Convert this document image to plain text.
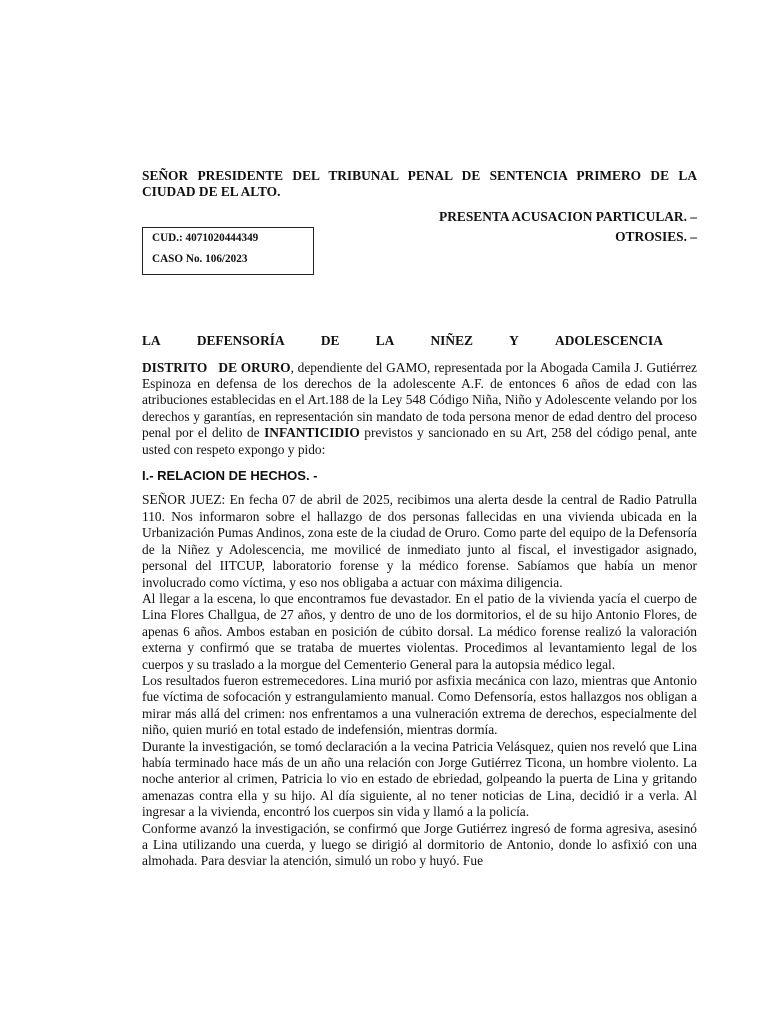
SEÑOR PRESIDENTE DEL TRIBUNAL PENAL DE SENTENCIA PRIMERO DE LA CIUDAD DE EL ALTO.

PRESENTA ACUSACION PARTICULAR. –

CUD.: 4071020444349
CASO No. 106/2023
OTROSIES. –
LA	DEFENSORÍA	DE	LA	NIÑEZ	Y	ADOLESCENCIA

DISTRITO   DE ORURO, dependiente del GAMO, representada por la Abogada Camila J. Gutiérrez Espinoza en defensa de los derechos de la adolescente A.F. de entonces 6 años de edad con las atribuciones establecidas en el Art.188 de la Ley 548 Código Niña, Niño y Adolescente velando por los derechos y garantías, en representación sin mandato de toda persona menor de edad dentro del proceso penal por el delito de INFANTICIDIO previstos y sancionado en su Art, 258 del código penal, ante usted con respeto expongo y pido:

I.- RELACION DE HECHOS. -

SEÑOR JUEZ: En fecha 07 de abril de 2025, recibimos una alerta desde la central de Radio Patrulla 110. Nos informaron sobre el hallazgo de dos personas fallecidas en una vivienda ubicada en la Urbanización Pumas Andinos, zona este de la ciudad de Oruro. Como parte del equipo de la Defensoría de la Niñez y Adolescencia, me movilicé de inmediato junto al fiscal, el investigador asignado, personal del IITCUP, laboratorio forense y la médico forense. Sabíamos que había un menor involucrado como víctima, y eso nos obligaba a actuar con máxima diligencia.

Al llegar a la escena, lo que encontramos fue devastador. En el patio de la vivienda yacía el cuerpo de Lina Flores Challgua, de 27 años, y dentro de uno de los dormitorios, el de su hijo Antonio Flores, de apenas 6 años. Ambos estaban en posición de cúbito dorsal. La médico forense realizó la valoración externa y confirmó que se trataba de muertes violentas. Procedimos al levantamiento legal de los cuerpos y su traslado a la morgue del Cementerio General para la autopsia médico legal.

Los resultados fueron estremecedores. Lina murió por asfixia mecánica con lazo, mientras que Antonio fue víctima de sofocación y estrangulamiento manual. Como Defensoría, estos hallazgos nos obligan a mirar más allá del crimen: nos enfrentamos a una vulneración extrema de derechos, especialmente del niño, quien murió en total estado de indefensión, mientras dormía.

Durante la investigación, se tomó declaración a la vecina Patricia Velásquez, quien nos reveló que Lina había terminado hace más de un año una relación con Jorge Gutiérrez Ticona, un hombre violento. La noche anterior al crimen, Patricia lo vio en estado de ebriedad, golpeando la puerta de Lina y gritando amenazas contra ella y su hijo. Al día siguiente, al no tener noticias de Lina, decidió ir a verla. Al ingresar a la vivienda, encontró los cuerpos sin vida y llamó a la policía.

Conforme avanzó la investigación, se confirmó que Jorge Gutiérrez ingresó de forma agresiva, asesinó a Lina utilizando una cuerda, y luego se dirigió al dormitorio de Antonio, donde lo asfixió con una almohada. Para desviar la atención, simuló un robo y huyó. Fue
